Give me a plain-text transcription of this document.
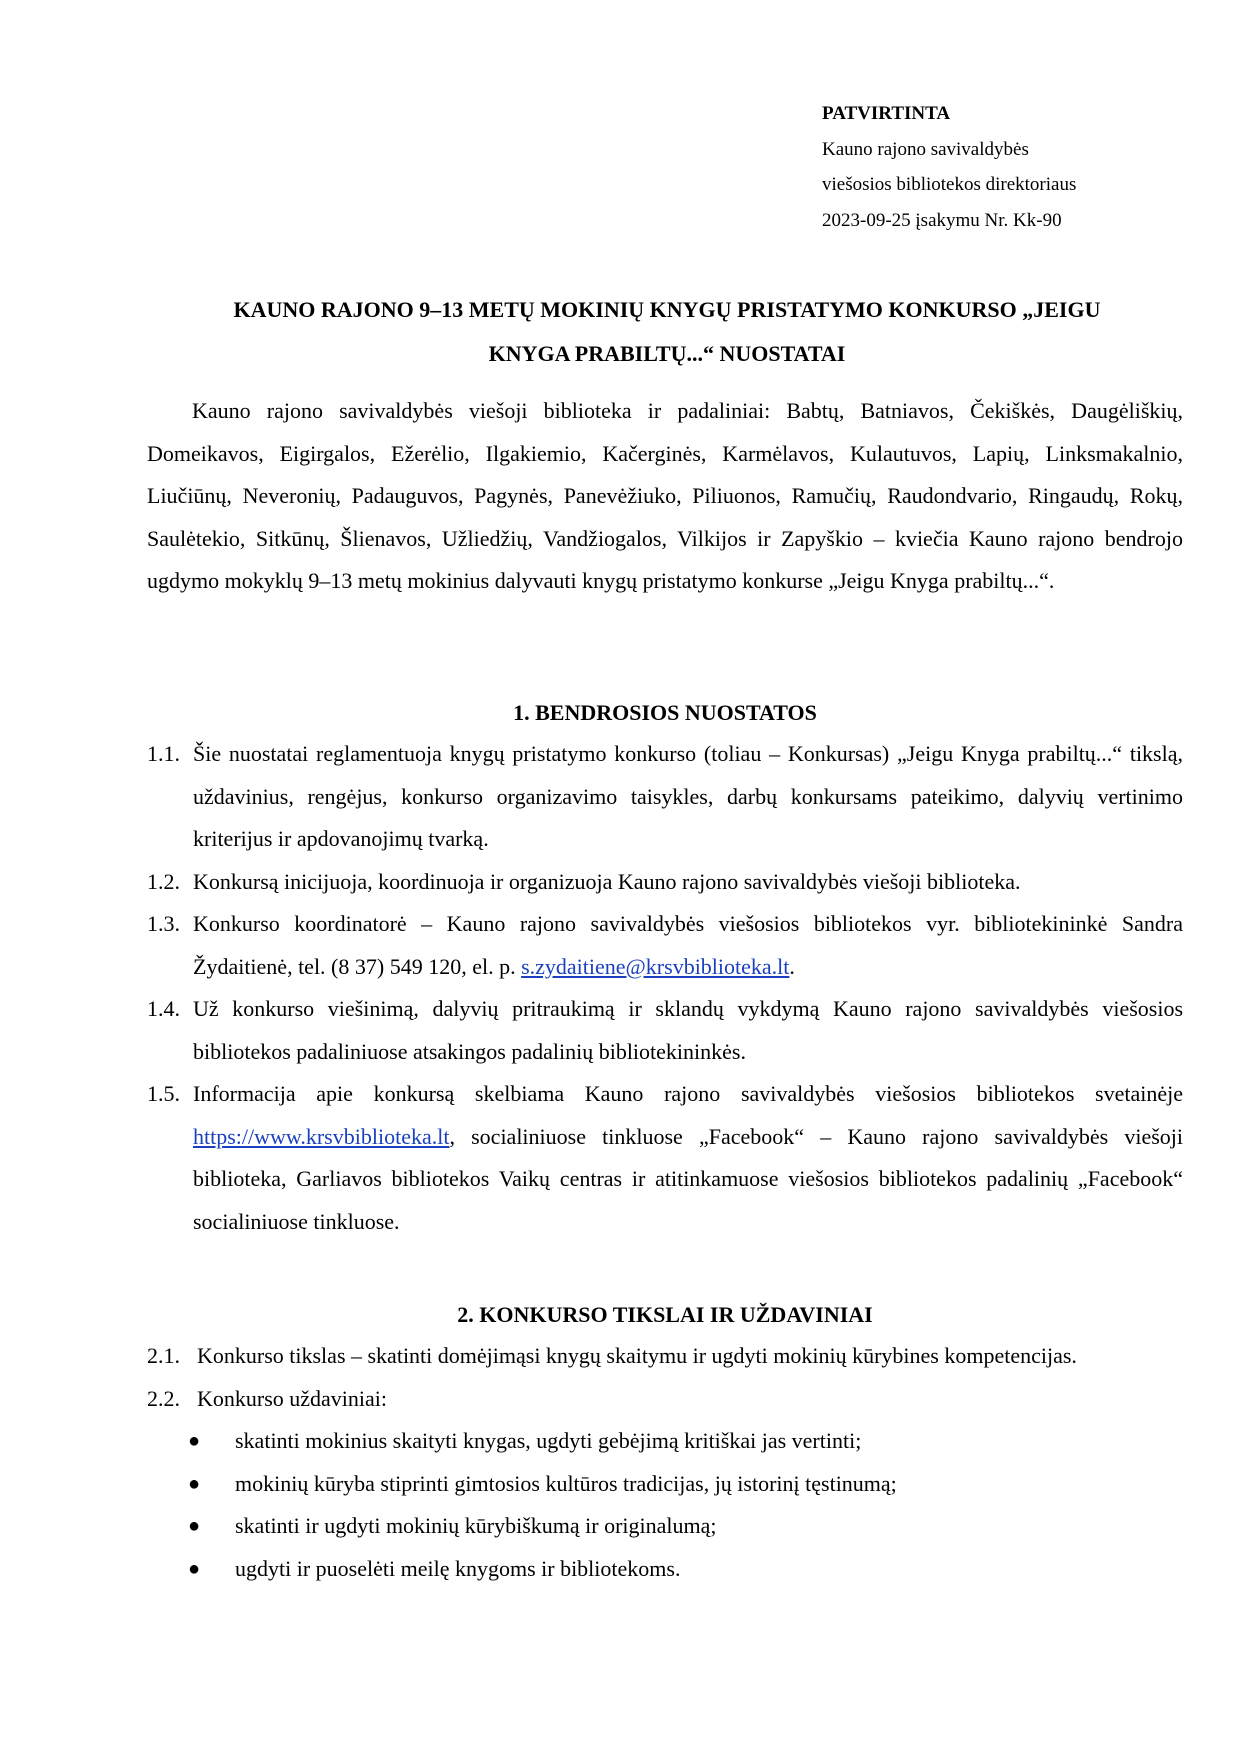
PATVIRTINTA
Kauno rajono savivaldybės
viešosios bibliotekos direktoriaus
2023-09-25 įsakymu Nr. Kk-90
KAUNO RAJONO 9–13 METŲ MOKINIŲ KNYGŲ PRISTATYMO KONKURSO „JEIGU
KNYGA PRABILTŲ...“ NUOSTATAI

Kauno rajono savivaldybės viešoji biblioteka ir padaliniai: Babtų, Batniavos, Čekiškės, Daugėliškių, Domeikavos, Eigirgalos, Ežerėlio, Ilgakiemio, Kačerginės, Karmėlavos, Kulautuvos, Lapių, Linksmakalnio, Liučiūnų, Neveronių, Padauguvos, Pagynės, Panevėžiuko, Piliuonos, Ramučių, Raudondvario, Ringaudų, Rokų, Saulėtekio, Sitkūnų, Šlienavos, Užliedžių, Vandžiogalos, Vilkijos ir Zapyškio – kviečia Kauno rajono bendrojo ugdymo mokyklų 9–13 metų mokinius dalyvauti knygų pristatymo konkurse „Jeigu Knyga prabiltų...“.

1. BENDROSIOS NUOSTATOS
1.1. Šie nuostatai reglamentuoja knygų pristatymo konkurso (toliau – Konkursas) „Jeigu Knyga prabiltų...“ tikslą, uždavinius, rengėjus, konkurso organizavimo taisykles, darbų konkursams pateikimo, dalyvių vertinimo kriterijus ir apdovanojimų tvarką.
1.2. Konkursą inicijuoja, koordinuoja ir organizuoja Kauno rajono savivaldybės viešoji biblioteka.
1.3. Konkurso koordinatorė – Kauno rajono savivaldybės viešosios bibliotekos vyr. bibliotekininkė Sandra Žydaitienė, tel. (8 37) 549 120, el. p. s.zydaitiene@krsvbiblioteka.lt.
1.4. Už konkurso viešinimą, dalyvių pritraukimą ir sklandų vykdymą Kauno rajono savivaldybės viešosios bibliotekos padaliniuose atsakingos padalinių bibliotekininkės.
1.5. Informacija apie konkursą skelbiama Kauno rajono savivaldybės viešosios bibliotekos svetainėje https://www.krsvbiblioteka.lt, socialiniuose tinkluose „Facebook“ – Kauno rajono savivaldybės viešoji biblioteka, Garliavos bibliotekos Vaikų centras ir atitinkamuose viešosios bibliotekos padalinių „Facebook“ socialiniuose tinkluose.
2. KONKURSO TIKSLAI IR UŽDAVINIAI
2.1. Konkurso tikslas – skatinti domėjimąsi knygų skaitymu ir ugdyti mokinių kūrybines kompetencijas.
2.2. Konkurso uždaviniai:
●	skatinti mokinius skaityti knygas, ugdyti gebėjimą kritiškai jas vertinti;
●	mokinių kūryba stiprinti gimtosios kultūros tradicijas, jų istorinį tęstinumą;
●	skatinti ir ugdyti mokinių kūrybiškumą ir originalumą;
●	ugdyti ir puoselėti meilę knygoms ir bibliotekoms.
